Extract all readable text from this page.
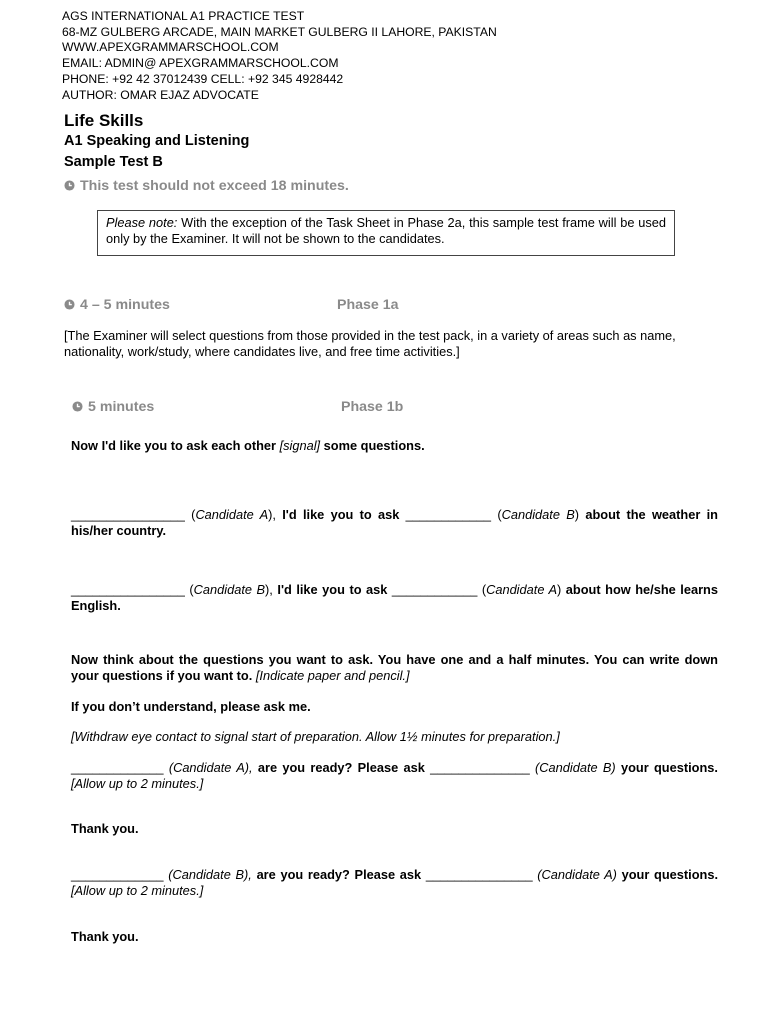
AGS INTERNATIONAL A1 PRACTICE TEST
68-MZ GULBERG ARCADE, MAIN MARKET GULBERG II LAHORE, PAKISTAN
WWW.APEXGRAMMARSCHOOL.COM
EMAIL: ADMIN@ APEXGRAMMARSCHOOL.COM
PHONE: +92 42 37012439 CELL: +92 345 4928442
AUTHOR: OMAR EJAZ ADVOCATE
Life Skills
A1 Speaking and Listening
Sample Test B
This test should not exceed 18 minutes.
Please note: With the exception of the Task Sheet in Phase 2a, this sample test frame will be used only by the Examiner. It will not be shown to the candidates.
4 – 5 minutes	Phase 1a
[The Examiner will select questions from those provided in the test pack, in a variety of areas such as name, nationality, work/study, where candidates live, and free time activities.]
5 minutes	Phase 1b
Now I'd like you to ask each other [signal] some questions.
________________ (Candidate A), I'd like you to ask ____________ (Candidate B) about the weather in his/her country.
________________ (Candidate B), I'd like you to ask ____________ (Candidate A) about how he/she learns English.
Now think about the questions you want to ask. You have one and a half minutes. You can write down your questions if you want to. [Indicate paper and pencil.]
If you don’t understand, please ask me.
[Withdraw eye contact to signal start of preparation. Allow 1½ minutes for preparation.]
_____________ (Candidate A), are you ready? Please ask ______________ (Candidate B) your questions. [Allow up to 2 minutes.]
Thank you.
_____________ (Candidate B), are you ready? Please ask _______________ (Candidate A) your questions. [Allow up to 2 minutes.]
Thank you.
